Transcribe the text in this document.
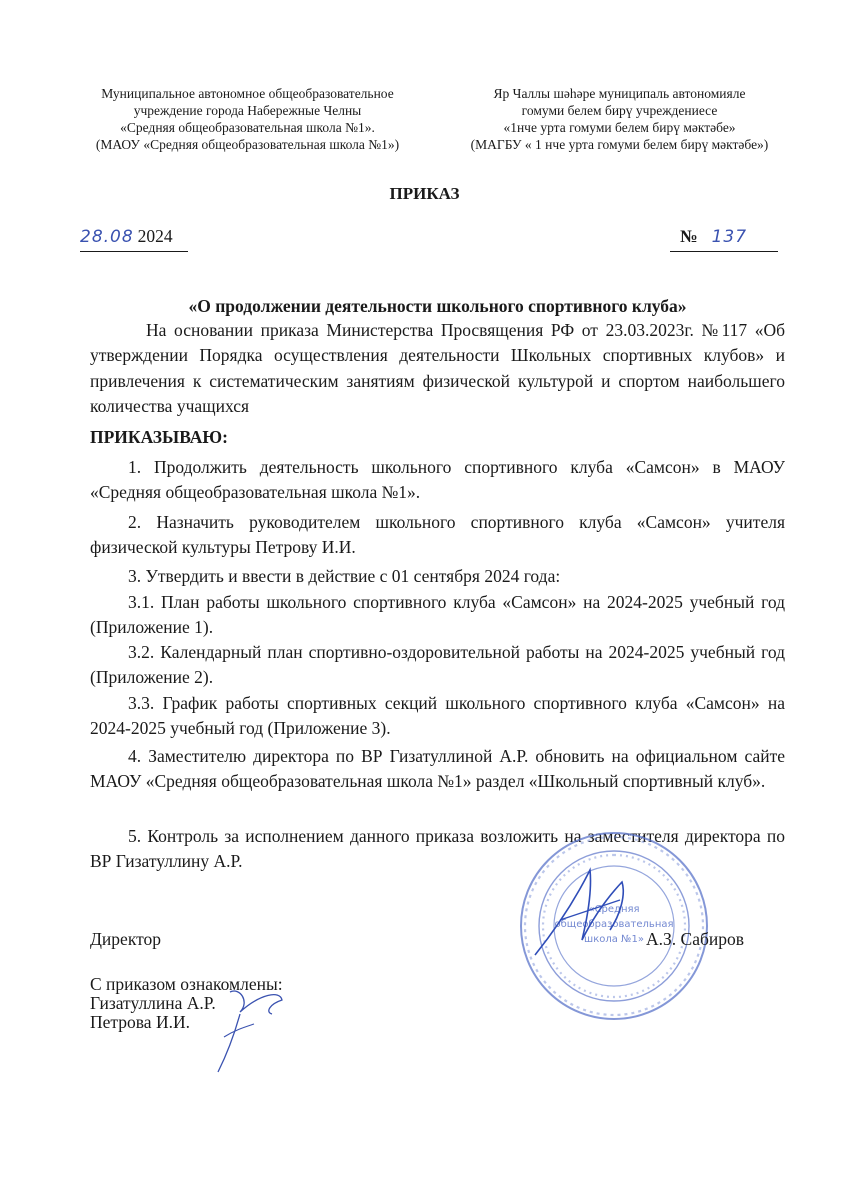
Муниципальное автономное общеобразовательное
учреждение города Набережные Челны
«Средняя общеобразовательная школа №1».
(МАОУ «Средняя общеобразовательная школа №1»)
Яр Чаллы шәһәре муниципаль автономияле
гомуми белем бирү учреждениесе
«1нче урта гомуми белем бирү мәктәбе»
(МАГБУ « 1 нче урта гомуми белем бирү мәктәбе»)
ПРИКАЗ
28.08 2024	№ 137
«О продолжении деятельности школьного спортивного клуба»
На основании приказа Министерства Просвящения РФ от 23.03.2023г. №117 «Об утверждении Порядка осуществления деятельности Школьных спортивных клубов» и привлечения к систематическим занятиям физической культурой и спортом наибольшего количества учащихся
ПРИКАЗЫВАЮ:
1. Продолжить деятельность школьного спортивного клуба «Самсон» в МАОУ «Средняя общеобразовательная школа №1».
2. Назначить руководителем школьного спортивного клуба «Самсон» учителя физической культуры Петрову И.И.
3. Утвердить и ввести в действие с 01 сентября 2024 года:
3.1. План работы школьного спортивного клуба «Самсон» на 2024-2025 учебный год (Приложение 1).
3.2. Календарный план спортивно-оздоровительной работы на 2024-2025 учебный год (Приложение 2).
3.3. График работы спортивных секций школьного спортивного клуба «Самсон» на 2024-2025 учебный год (Приложение 3).
4. Заместителю директора по ВР Гизатуллиной А.Р. обновить на официальном сайте МАОУ «Средняя общеобразовательная школа №1» раздел «Школьный спортивный клуб».
5. Контроль за исполнением данного приказа возложить на заместителя директора по ВР Гизатуллину А.Р.
«Средняя
общеобразовательная
школа №1»
Директор	А.З. Сабиров
С приказом ознакомлены:
Гизатуллина А.Р.
Петрова И.И.
